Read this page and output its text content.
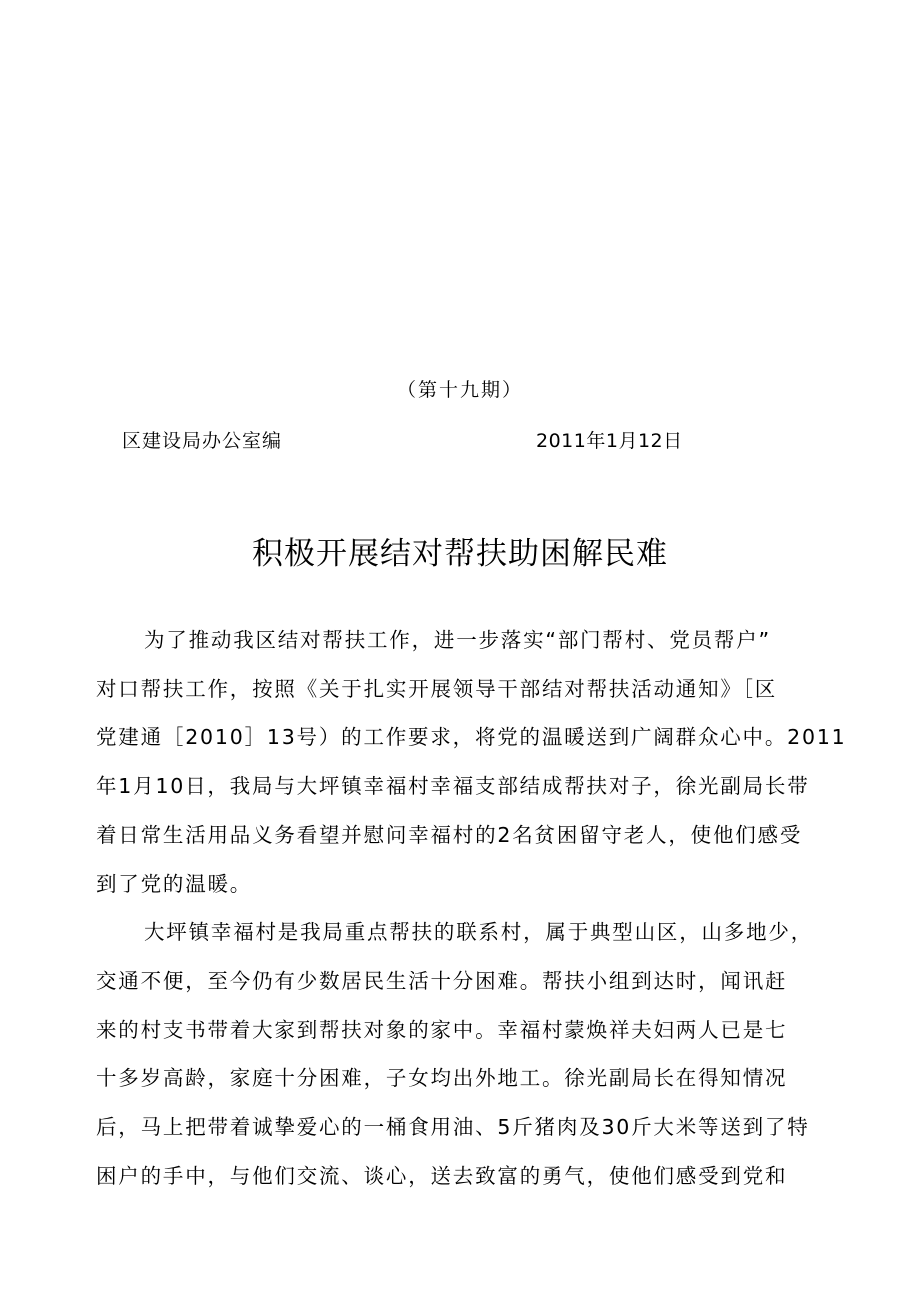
（第十九期）
区建设局办公室编	2011年1月12日
积极开展结对帮扶助困解民难

为了推动我区结对帮扶工作，进一步落实“部门帮村、党员帮户”
对口帮扶工作，按照《关于扎实开展领导干部结对帮扶活动通知》［区
党建通［2010］13号）的工作要求，将党的温暖送到广阔群众心中。2011
年1月10日，我局与大坪镇幸福村幸福支部结成帮扶对子，徐光副局长带
着日常生活用品义务看望并慰问幸福村的2名贫困留守老人，使他们感受
到了党的温暖。

大坪镇幸福村是我局重点帮扶的联系村，属于典型山区，山多地少，
交通不便，至今仍有少数居民生活十分困难。帮扶小组到达时，闻讯赶
来的村支书带着大家到帮扶对象的家中。幸福村蒙焕祥夫妇两人已是七
十多岁高龄，家庭十分困难，子女均出外地工。徐光副局长在得知情况
后，马上把带着诚挚爱心的一桶食用油、5斤猪肉及30斤大米等送到了特
困户的手中，与他们交流、谈心，送去致富的勇气，使他们感受到党和
